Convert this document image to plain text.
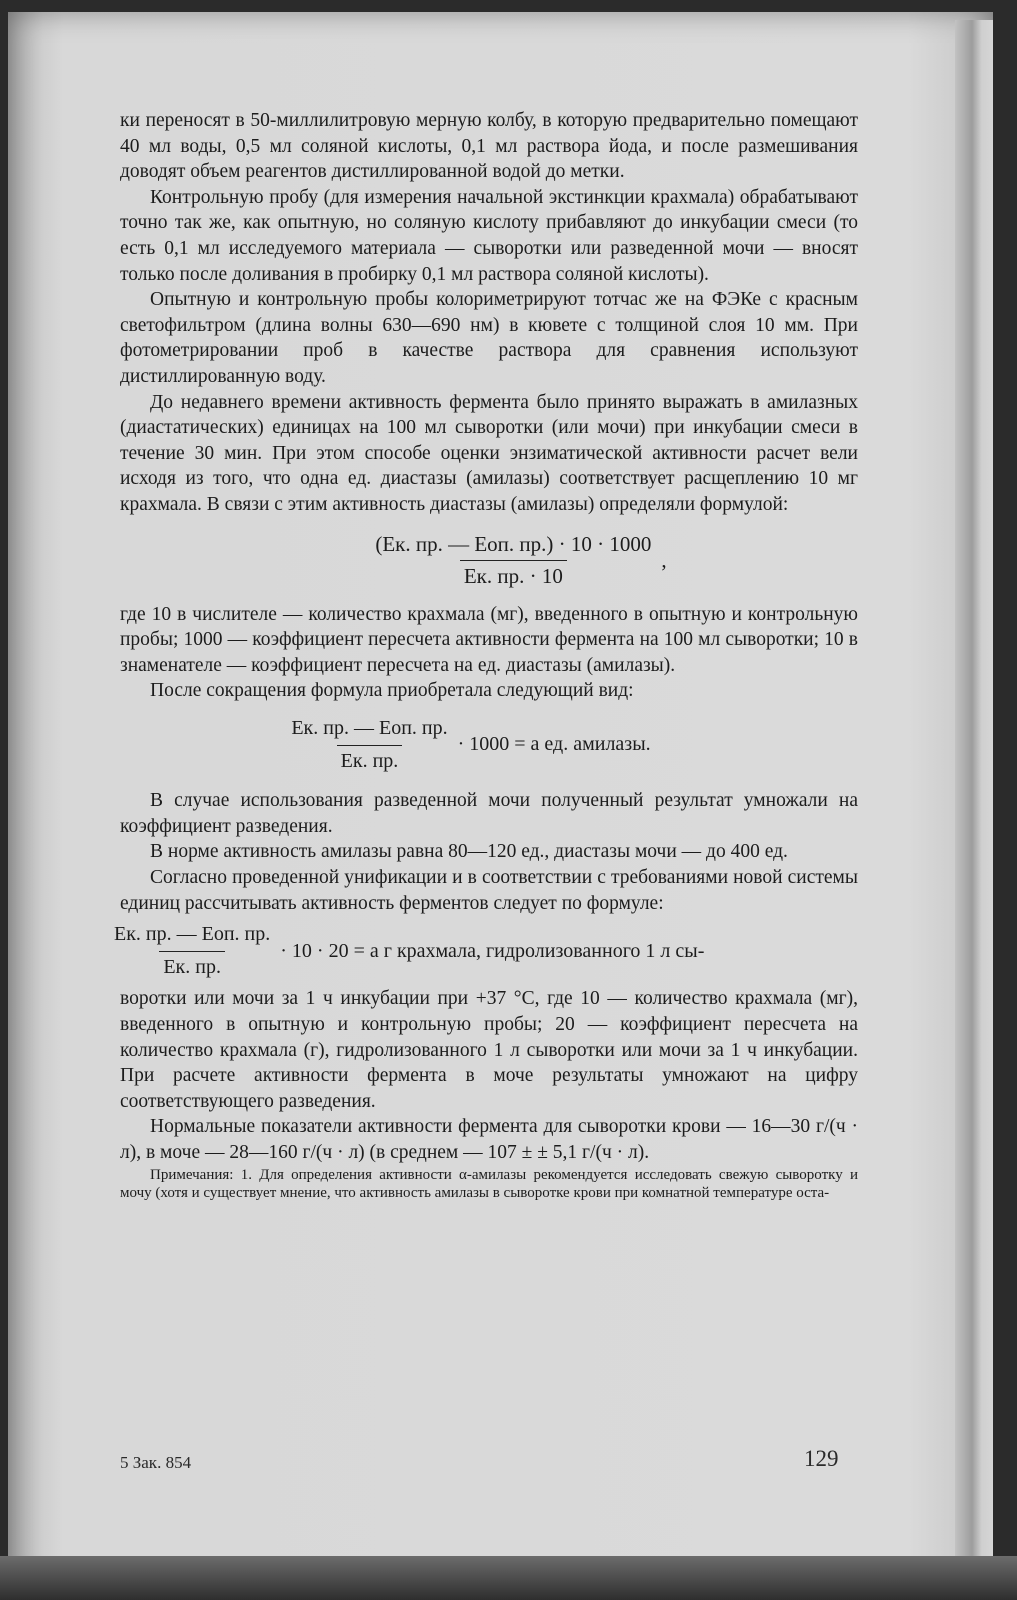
ки переносят в 50-миллилитровую мерную колбу, в которую предварительно помещают 40 мл воды, 0,5 мл соляной кислоты, 0,1 мл раствора йода, и после размешивания доводят объем реагентов дистиллированной водой до метки.

Контрольную пробу (для измерения начальной экстинкции крахмала) обрабатывают точно так же, как опытную, но соляную кислоту прибавляют до инкубации смеси (то есть 0,1 мл исследуемого материала — сыворотки или разведенной мочи — вносят только после доливания в пробирку 0,1 мл раствора соляной кислоты).

Опытную и контрольную пробы колориметрируют тотчас же на ФЭКе с красным светофильтром (длина волны 630—690 нм) в кювете с толщиной слоя 10 мм. При фотометрировании проб в качестве раствора для сравнения используют дистиллированную воду.

До недавнего времени активность фермента было принято выражать в амилазных (диастатических) единицах на 100 мл сыворотки (или мочи) при инкубации смеси в течение 30 мин. При этом способе оценки энзиматической активности расчет вели исходя из того, что одна ед. диастазы (амилазы) соответствует расщеплению 10 мг крахмала. В связи с этим активность диастазы (амилазы) определяли формулой:

$\frac{\text{(Ек. пр. — Еоп. пр.) · 10 · 1000}}{Ек. пр. \cdot 10}$ ,

где 10 в числителе — количество крахмала (мг), введенного в опытную и контрольную пробы; 1000 — коэффициент пересчета активности фермента на 100 мл сыворотки; 10 в знаменателе — коэффициент пересчета на ед. диастазы (амилазы).

После сокращения формула приобретала следующий вид:

$\frac{\text{Ек. пр. — Еоп. пр.}}{Ек. пр.} \cdot 1000 = а$ ед. амилазы.

В случае использования разведенной мочи полученный результат умножали на коэффициент разведения.

В норме активность амилазы равна 80—120 ед., диастазы мочи — до 400 ед.

Согласно проведенной унификации и в соответствии с требованиями новой системы единиц рассчитывать активность ферментов следует по формуле:

$\frac{\text{Ек. пр. — Еоп. пр.}}{Ек. пр.} \cdot 10 \cdot 20 = а$ г крахмала, гидролизованного 1 л сы-

воротки или мочи за 1 ч инкубации при +37 °С, где 10 — количество крахмала (мг), введенного в опытную и контрольную пробы; 20 — коэффициент пересчета на количество крахмала (г), гидролизованного 1 л сыворотки или мочи за 1 ч инкубации. При расчете активности фермента в моче результаты умножают на цифру соответствующего разведения.

Нормальные показатели активности фермента для сыворотки крови — 16—30 г/(ч · л), в моче — 28—160 г/(ч · л) (в среднем — 107 ± ± 5,1 г/(ч · л).

Примечания: 1. Для определения активности α-амилазы рекомендуется исследовать свежую сыворотку и мочу (хотя и существует мнение, что активность амилазы в сыворотке крови при комнатной температуре оста-

5 Зак. 854	129
